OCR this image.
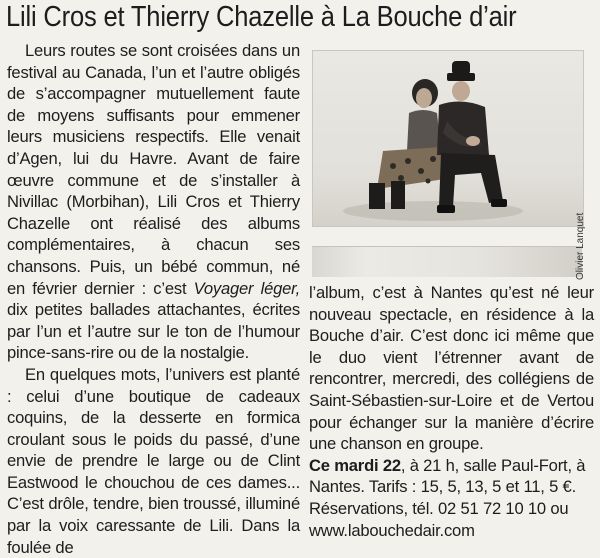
Lili Cros et Thierry Chazelle à La Bouche d’air

Leurs routes se sont croisées dans un festival au Canada, l’un et l’autre obligés de s’accompagner mutuellement faute de moyens suffisants pour emmener leurs musiciens respectifs. Elle venait d’Agen, lui du Havre. Avant de faire œuvre commune et de s’installer à Nivillac (Morbihan), Lili Cros et Thierry Chazelle ont réalisé des albums complémentaires, à chacun ses chansons. Puis, un bébé commun, né en février dernier : c’est Voyager léger, dix petites ballades attachantes, écrites par l’un et l’autre sur le ton de l’humour pince-sans-rire ou de la nostalgie.

En quelques mots, l’univers est planté : celui d’une boutique de cadeaux coquins, de la desserte en formica croulant sous le poids du passé, d’une envie de prendre le large ou de Clint Eastwood le chouchou de ces dames... C’est drôle, tendre, bien troussé, illuminé par la voix caressante de Lili. Dans la foulée de

Olivier Lanquet

l’album, c’est à Nantes qu’est né leur nouveau spectacle, en résidence à la Bouche d’air. C’est donc ici même que le duo vient l’étrenner avant de rencontrer, mercredi, des collégiens de Saint-Sébastien-sur-Loire et de Vertou pour échanger sur la manière d’écrire une chanson en groupe.

Ce mardi 22, à 21 h, salle Paul-Fort, à Nantes. Tarifs : 15, 5, 13, 5 et 11, 5 €. Réservations, tél. 02 51 72 10 10 ou www.labouchedair.com
